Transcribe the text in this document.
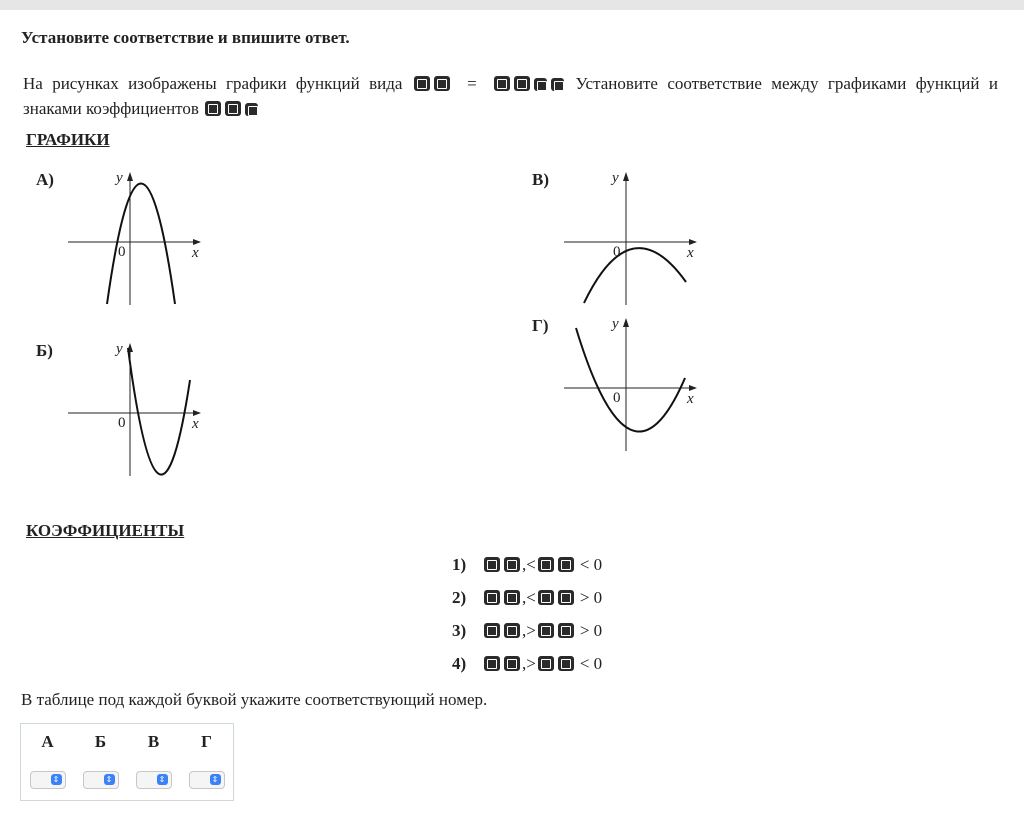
Установите соответствие и впишите ответ.
На рисунках изображены графики функций вида	=	Установите соответствие между графиками функций и
знаками коэффициентов
ГРАФИКИ
А)
x
y
0
Б)
x
y
0
В)
x
y
0
Г)
x
y
0
КОЭФФИЦИЕНТЫ
1)	,<	< 0
2)	,<	> 0
3)	,>	> 0
4)	,>	< 0
В таблице под каждой буквой укажите соответствующий номер.
А	Б	В	Г

⇕	⇕	⇕	⇕
